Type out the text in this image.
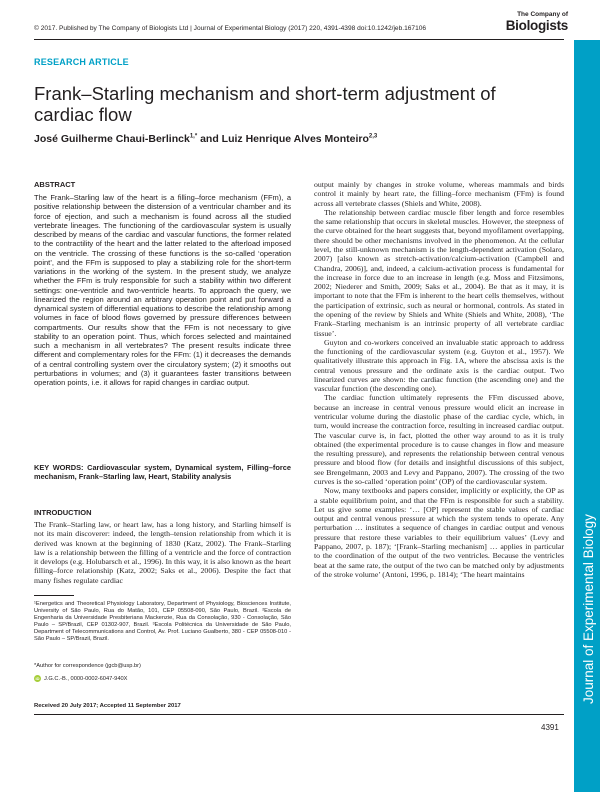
© 2017. Published by The Company of Biologists Ltd | Journal of Experimental Biology (2017) 220, 4391-4398 doi:10.1242/jeb.167106
The Company of
Biologists
Journal of Experimental Biology
RESEARCH ARTICLE
Frank–Starling mechanism and short-term adjustment of cardiac flow
José Guilherme Chaui-Berlinck$^{1,*}$ and Luiz Henrique Alves Monteiro$^{2,3}$

ABSTRACT

The Frank–Starling law of the heart is a filling–force mechanism (FFm), a positive relationship between the distension of a ventricular chamber and its force of ejection, and such a mechanism is found across all the studied vertebrate lineages. The functioning of the cardiovascular system is usually described by means of the cardiac and vascular functions, the former related to the contractility of the heart and the latter related to the afterload imposed on the ventricle. The crossing of these functions is the so-called ‘operation point’, and the FFm is supposed to play a stabilizing role for the short-term variations in the working of the system. In the present study, we analyze whether the FFm is truly responsible for such a stability within two different settings: one-ventricle and two-ventricle hearts. To approach the query, we linearized the region around an arbitrary operation point and put forward a dynamical system of differential equations to describe the relationship among volumes in face of blood flows governed by pressure differences between compartments. Our results show that the FFm is not necessary to give stability to an operation point. Thus, which forces selected and maintained such a mechanism in all vertebrates? The present results indicate three different and complementary roles for the FFm: (1) it decreases the demands of a central controlling system over the circulatory system; (2) it smooths out perturbations in volumes; and (3) it guarantees faster transitions between operation points, i.e. it allows for rapid changes in cardiac output.
KEY WORDS: Cardiovascular system, Dynamical system, Filling–force mechanism, Frank–Starling law, Heart, Stability analysis

INTRODUCTION

The Frank–Starling law, or heart law, has a long history, and Starling himself is not its main discoverer: indeed, the length–tension relationship from which it is derived was known at the beginning of 1830 (Katz, 2002). The Frank–Starling law is a relationship between the filling of a ventricle and the force of contraction it develops (e.g. Holubarsch et al., 1996). In this way, it is also known as the heart filling–force relationship (Katz, 2002; Saks et al., 2006). Despite the fact that many fishes regulate cardiac
¹Energetics and Theoretical Physiology Laboratory, Department of Physiology, Biosciences Institute, University of São Paulo, Rua do Matão, 101, CEP 05508-090, São Paulo, Brazil. ²Escola de Engenharia da Universidade Presbiteriana Mackenzie, Rua da Consolação, 930 - Consolação, São Paulo – SP/Brazil, CEP 01302-907, Brazil. ³Escola Politécnica da Universidade de São Paulo, Department of Telecommunications and Control, Av. Prof. Luciano Gualberto, 380 - CEP 05508-010 - São Paulo – SP/Brazil, Brazil.
*Author for correspondence (jgcb@usp.br)
iD J.G.C.-B., 0000-0002-6047-940X
Received 20 July 2017; Accepted 11 September 2017

output mainly by changes in stroke volume, whereas mammals and birds control it mainly by heart rate, the filling–force mechanism (FFm) is found across all vertebrate classes (Shiels and White, 2008).

The relationship between cardiac muscle fiber length and force resembles the same relationship that occurs in skeletal muscles. However, the steepness of the curve obtained for the heart suggests that, beyond myofilament overlapping, there should be other mechanisms involved in the phenomenon. At the cellular level, the still-unknown mechanism is the length-dependent activation (Solaro, 2007) [also known as stretch-activation/calcium-activation (Campbell and Chandra, 2006)], and, indeed, a calcium-activation process is fundamental for the increase in force due to an increase in length (e.g. Moss and Fitzsimons, 2002; Niederer and Smith, 2009; Saks et al., 2004). Be that as it may, it is important to note that the FFm is inherent to the heart cells themselves, without the participation of extrinsic, such as neural or hormonal, controls. As stated in the opening of the review by Shiels and White (Shiels and White, 2008), ‘The Frank–Starling mechanism is an intrinsic property of all vertebrate cardiac tissue’.

Guyton and co-workers conceived an invaluable static approach to address the functioning of the cardiovascular system (e.g. Guyton et al., 1957). We qualitatively illustrate this approach in Fig. 1A, where the abscissa axis is the central venous pressure and the ordinate axis is the cardiac output. Two linearized curves are shown: the cardiac function (the ascending one) and the vascular function (the descending one).

The cardiac function ultimately represents the FFm discussed above, because an increase in central venous pressure would elicit an increase in ventricular volume during the diastolic phase of the cardiac cycle, which, in turn, would increase the contraction force, resulting in increased cardiac output. The vascular curve is, in fact, plotted the other way around to as it is truly obtained (the experimental procedure is to cause changes in flow and measure the resulting pressure), and represents the relationship between central venous pressure and blood flow (for details and insightful discussions of this subject, see Brengelmann, 2003 and Levy and Pappano, 2007). The crossing of the two curves is the so-called ‘operation point’ (OP) of the cardiovascular system.

Now, many textbooks and papers consider, implicitly or explicitly, the OP as a stable equilibrium point, and that the FFm is responsible for such a stability. Let us give some examples: ‘… [OP] represent the stable values of cardiac output and central venous pressure at which the system tends to operate. Any perturbation … institutes a sequence of changes in cardiac output and venous pressure that restore these variables to their equilibrium values’ (Levy and Pappano, 2007, p. 187); ‘[Frank–Starling mechanism] … applies in particular to the coordination of the output of the two ventricles. Because the ventricles beat at the same rate, the output of the two can be matched only by adjustments of the stroke volume’ (Antoni, 1996, p. 1814); ‘The heart maintains

4391
